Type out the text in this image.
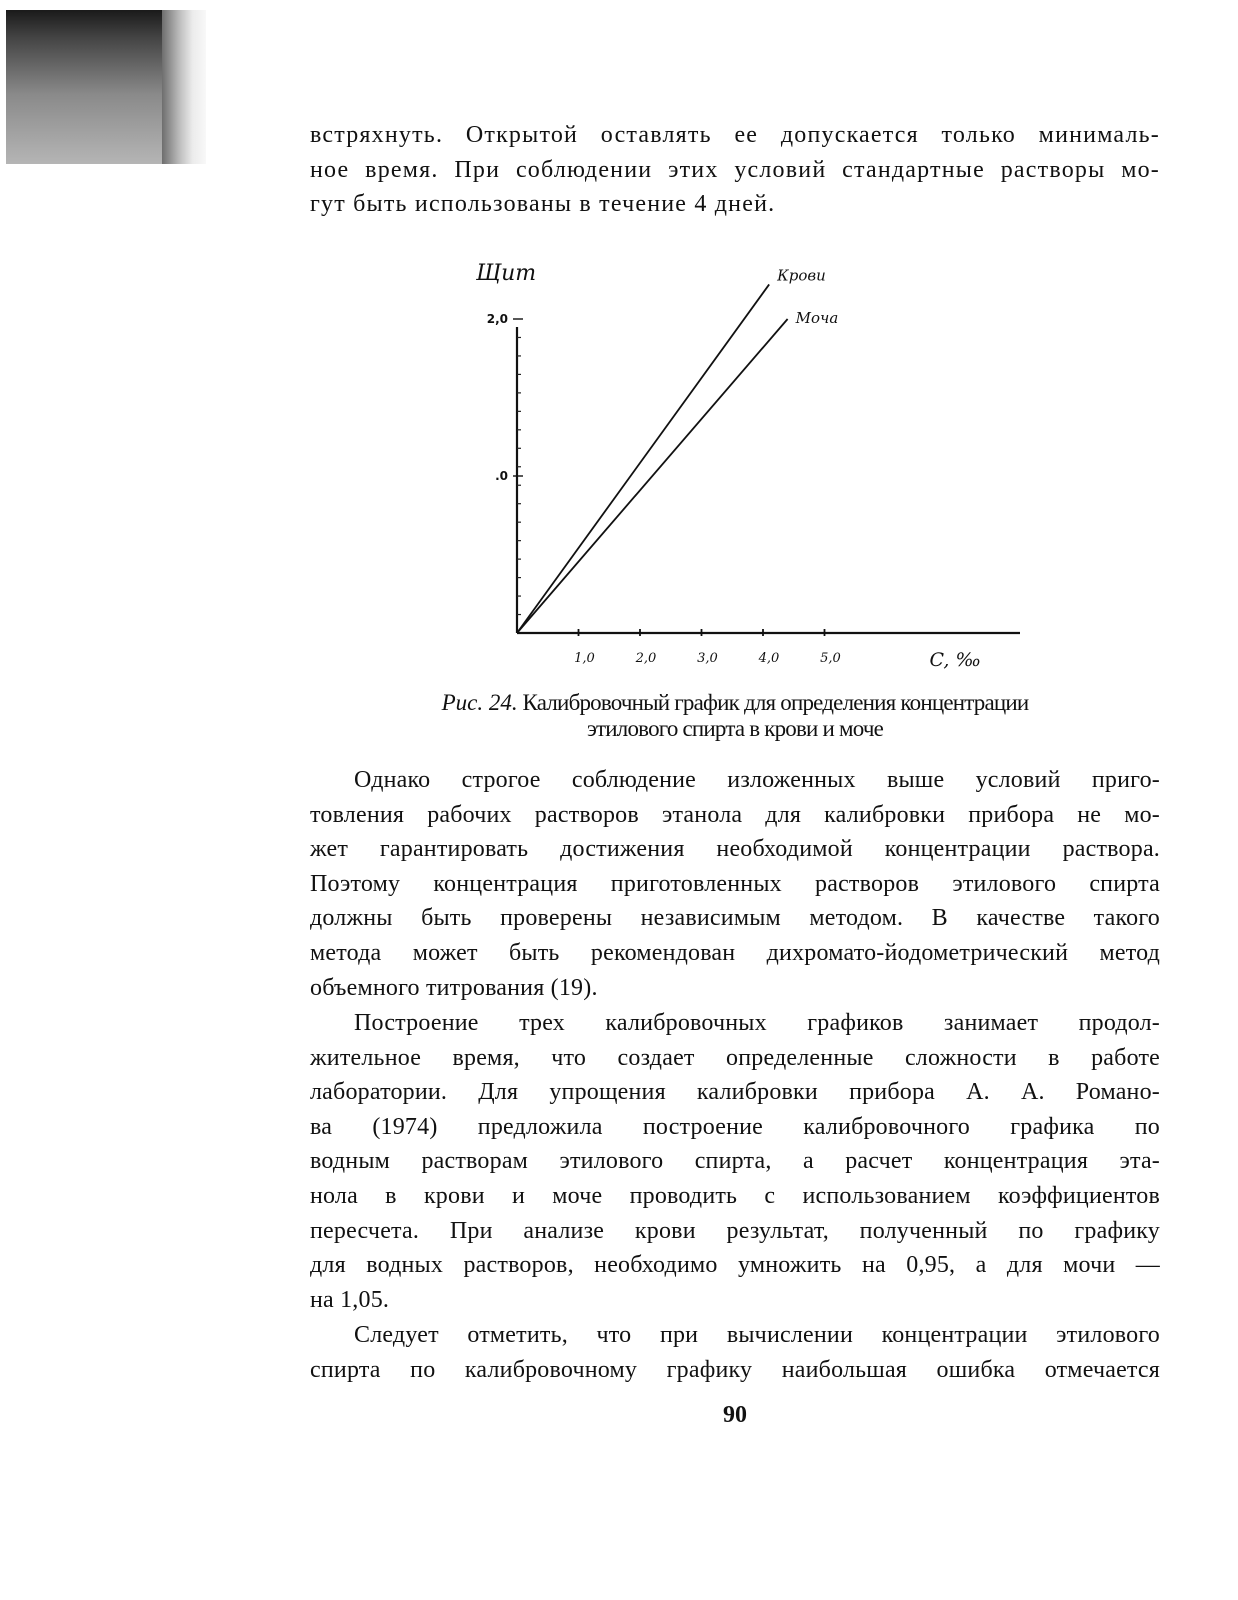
встряхнуть. Открытой оставлять ее допускается только минималь-
ное время. При соблюдении этих условий стандартные растворы мо-
гут быть использованы в течение 4 дней.
1,0	2,0	3,0	4,0	5,0
.0
2,0
Крови
Моча
Щит
C, ‰
Рис. 24. Калибровочный график для определения концентрации
этилового спирта в крови и моче
Однако строгое соблюдение изложенных выше условий приго-
товления рабочих растворов этанола для калибровки прибора не мо-
жет гарантировать достижения необходимой концентрации раствора.
Поэтому концентрация приготовленных растворов этилового спирта
должны быть проверены независимым методом. В качестве такого
метода может быть рекомендован дихромато-йодометрический метод
объемного титрования (19).
Построение трех калибровочных графиков занимает продол-
жительное время, что создает определенные сложности в работе
лаборатории. Для упрощения калибровки прибора А. А. Романо-
ва (1974) предложила построение калибровочного графика по
водным растворам этилового спирта, а расчет концентрация эта-
нола в крови и моче проводить с использованием коэффициентов
пересчета. При анализе крови результат, полученный по графику
для водных растворов, необходимо умножить на 0,95, а для мочи —
на 1,05.
Следует отметить, что при вычислении концентрации этилового
спирта по калибровочному графику наибольшая ошибка отмечается
90
